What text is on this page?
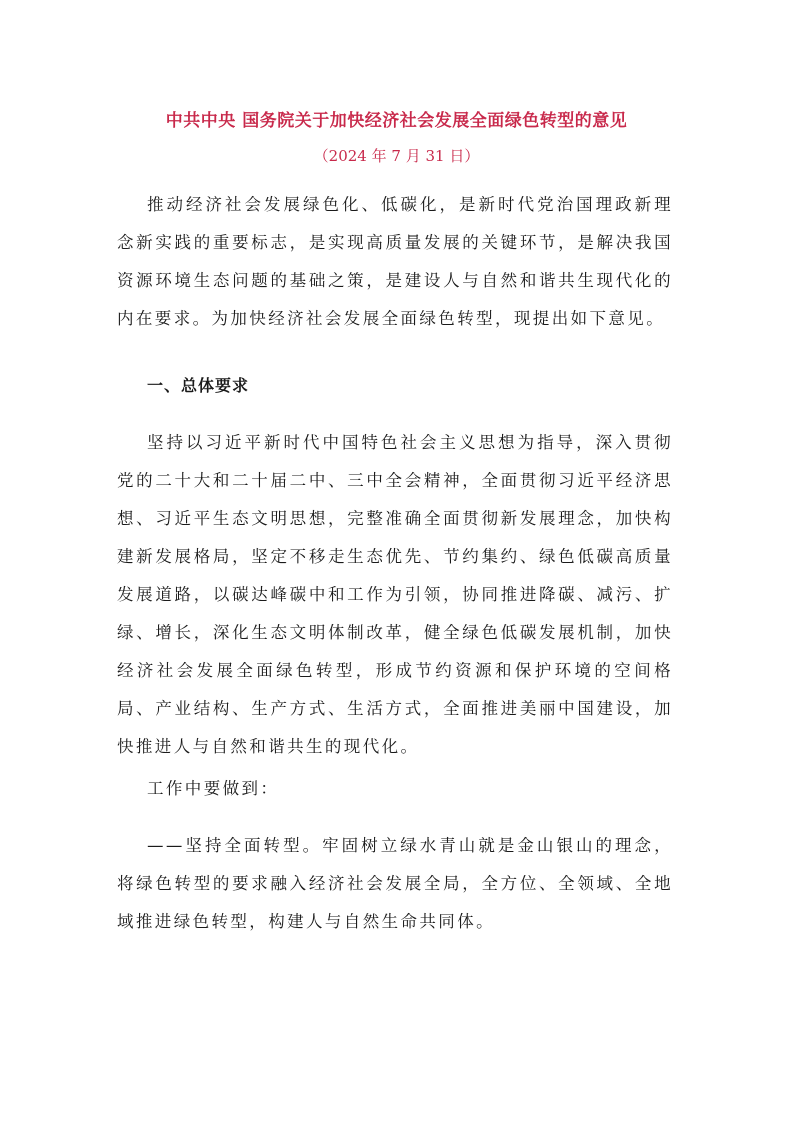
中共中央 国务院关于加快经济社会发展全面绿色转型的意见
（2024 年 7 月 31 日）

推动经济社会发展绿色化、低碳化，是新时代党治国理政新理念新实践的重要标志，是实现高质量发展的关键环节，是解决我国资源环境生态问题的基础之策，是建设人与自然和谐共生现代化的内在要求。为加快经济社会发展全面绿色转型，现提出如下意见。

一、总体要求

坚持以习近平新时代中国特色社会主义思想为指导，深入贯彻党的二十大和二十届二中、三中全会精神，全面贯彻习近平经济思想、习近平生态文明思想，完整准确全面贯彻新发展理念，加快构建新发展格局，坚定不移走生态优先、节约集约、绿色低碳高质量发展道路，以碳达峰碳中和工作为引领，协同推进降碳、减污、扩绿、增长，深化生态文明体制改革，健全绿色低碳发展机制，加快经济社会发展全面绿色转型，形成节约资源和保护环境的空间格局、产业结构、生产方式、生活方式，全面推进美丽中国建设，加快推进人与自然和谐共生的现代化。

工作中要做到：

——坚持全面转型。牢固树立绿水青山就是金山银山的理念，将绿色转型的要求融入经济社会发展全局，全方位、全领域、全地域推进绿色转型，构建人与自然生命共同体。
